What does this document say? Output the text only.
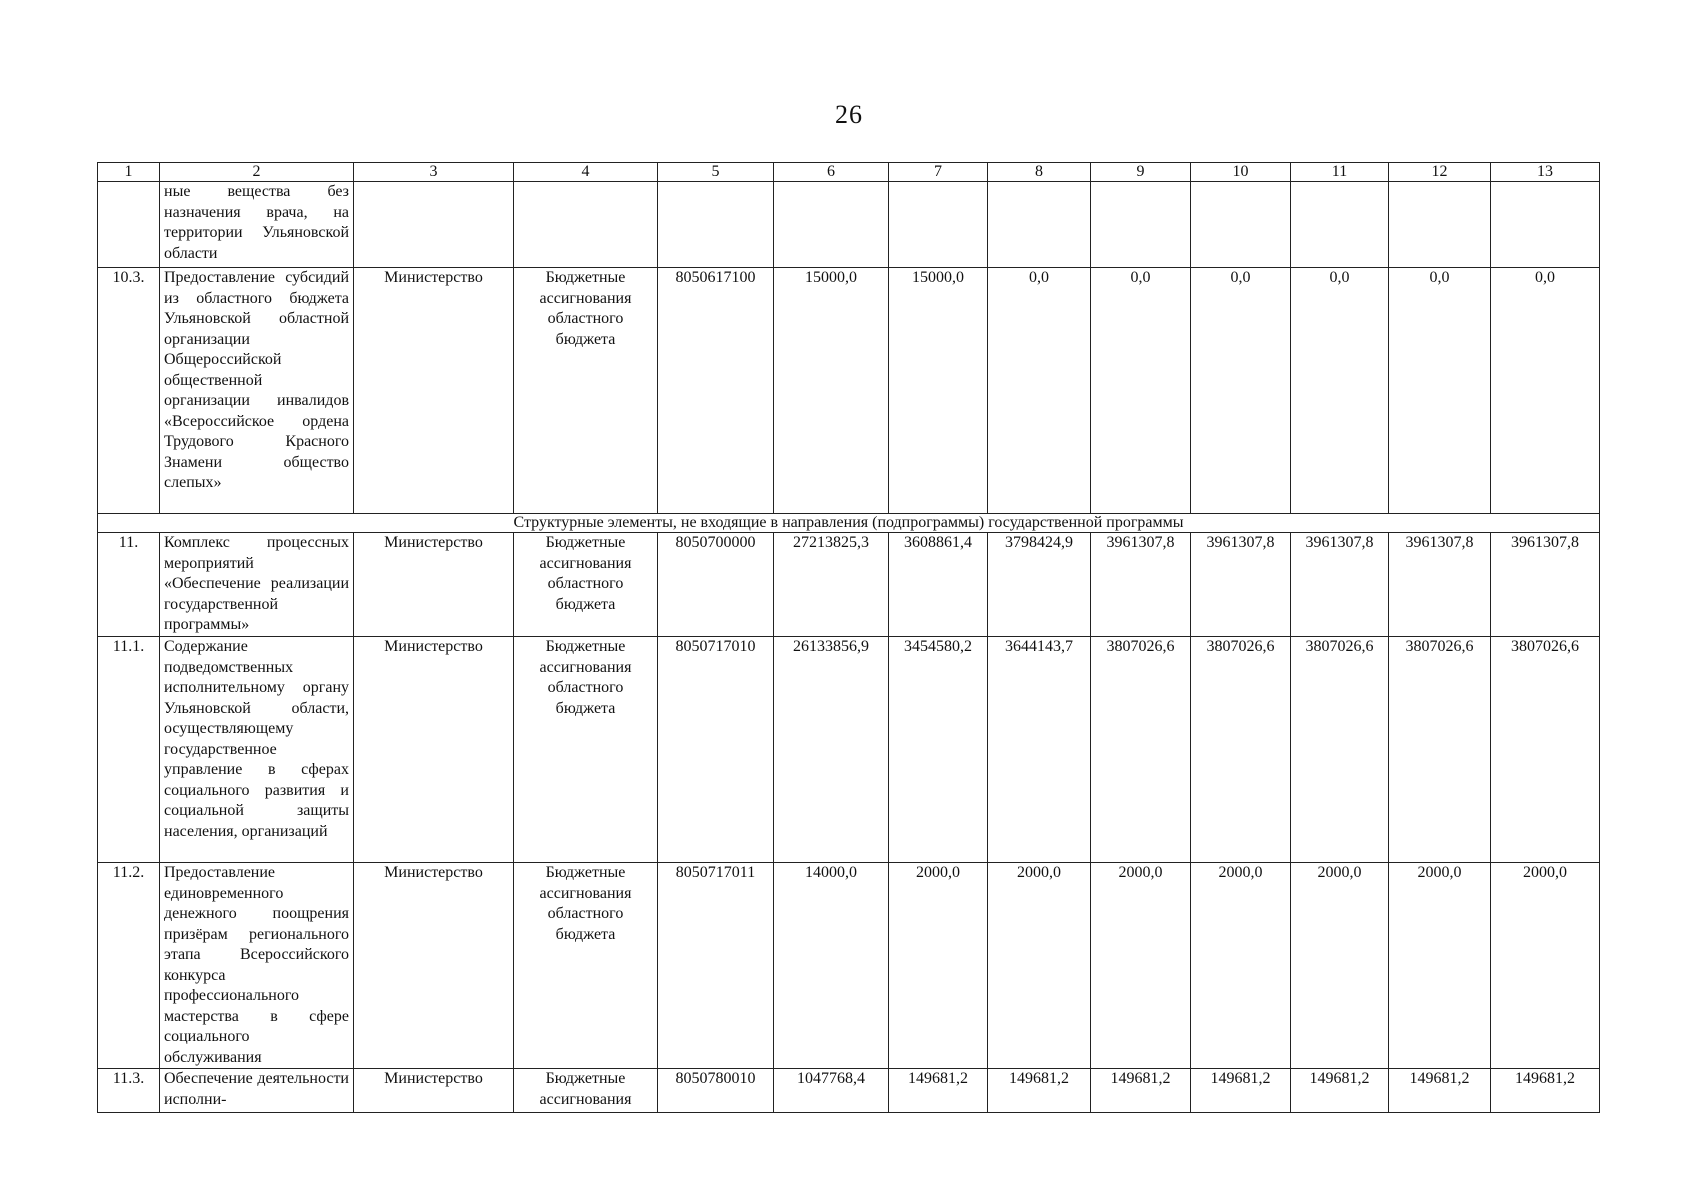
26
1	2	3	4	5	6	7	8	9	10	11	12	13
	ные вещества без назначения врача, на территории Ульяновской области											
10.3.	Предоставление субсидий из областного бюджета Ульяновской областной организации Общероссийской общественной организации инвалидов «Всероссийское ордена Трудового Красного Знамени общество слепых»	Министерство	Бюджетные ассигнования областного бюджета	8050617100	15000,0	15000,0	0,0	0,0	0,0	0,0	0,0	0,0
Структурные элементы, не входящие в направления (подпрограммы) государственной программы												
11.	Комплекс процессных мероприятий «Обеспечение реализации государственной программы»	Министерство	Бюджетные ассигнования областного бюджета	8050700000	27213825,3	3608861,4	3798424,9	3961307,8	3961307,8	3961307,8	3961307,8	3961307,8
11.1.	Содержание подведомственных исполнительному органу Ульяновской области, осуществляющему государственное управление в сферах социального развития и социальной защиты населения, организаций	Министерство	Бюджетные ассигнования областного бюджета	8050717010	26133856,9	3454580,2	3644143,7	3807026,6	3807026,6	3807026,6	3807026,6	3807026,6
11.2.	Предоставление единовременного денежного поощрения призёрам регионального этапа Всероссийского конкурса профессионального мастерства в сфере социального обслуживания	Министерство	Бюджетные ассигнования областного бюджета	8050717011	14000,0	2000,0	2000,0	2000,0	2000,0	2000,0	2000,0	2000,0
11.3.	Обеспечение деятельности исполни-	Министерство	Бюджетные ассигнования	8050780010	1047768,4	149681,2	149681,2	149681,2	149681,2	149681,2	149681,2	149681,2
